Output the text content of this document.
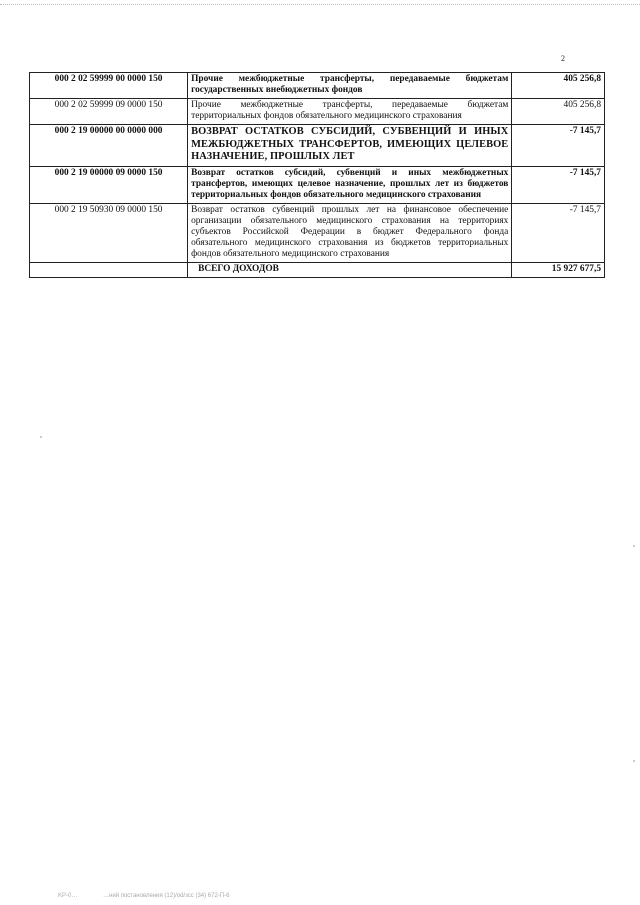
2
000 2 02 59999 00 0000 150	Прочие межбюджетные трансферты, передаваемые бюджетам государственных внебюджетных фондов	405 256,8
000 2 02 59999 09 0000 150	Прочие межбюджетные трансферты, передаваемые бюджетам территориальных фондов обязательного медицинского страхования	405 256,8
000 2 19 00000 00 0000 000	ВОЗВРАТ ОСТАТКОВ СУБСИДИЙ, СУБВЕНЦИЙ И ИНЫХ МЕЖБЮДЖЕТНЫХ ТРАНСФЕРТОВ, ИМЕЮЩИХ ЦЕЛЕВОЕ НАЗНАЧЕНИЕ, ПРОШЛЫХ ЛЕТ	-7 145,7
000 2 19 00000 09 0000 150	Возврат остатков субсидий, субвенций и иных межбюджетных трансфертов, имеющих целевое назначение, прошлых лет из бюджетов территориальных фондов обязательного медицинского страхования	-7 145,7
000 2 19 50930 09 0000 150	Возврат остатков субвенций прошлых лет на финансовое обеспечение организации обязательного медицинского страхования на территориях субъектов Российской Федерации в бюджет Федерального фонда обязательного медицинского страхования из бюджетов территориальных фондов обязательного медицинского страхования	-7 145,7
	ВСЕГО ДОХОДОВ	15 927 677,5
KP-0…	…ний постановления (12)/od/зсс (34) 672-П-6
